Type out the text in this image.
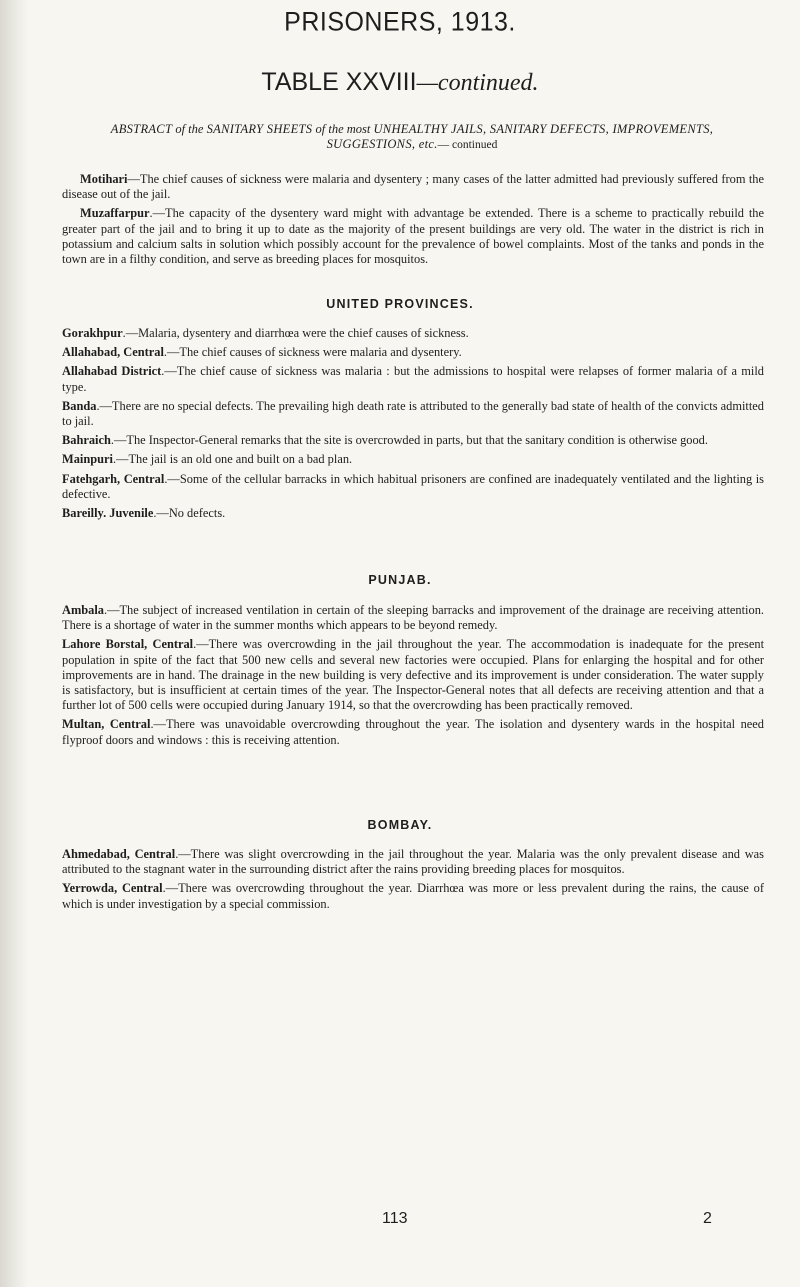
PRISONERS, 1913.
TABLE XXVIII—continued.
ABSTRACT of the SANITARY SHEETS of the most UNHEALTHY JAILS, SANITARY DEFECTS, IMPROVEMENTS,
SUGGESTIONS, etc.— continued

Motihari—The chief causes of sickness were malaria and dysentery ; many cases of the latter admitted had previously suffered from the disease out of the jail.

Muzaffarpur.—The capacity of the dysentery ward might with advantage be extended. There is a scheme to practically rebuild the greater part of the jail and to bring it up to date as the majority of the present buildings are very old. The water in the district is rich in potassium and calcium salts in solution which possibly account for the prevalence of bowel complaints. Most of the tanks and ponds in the town are in a filthy condition, and serve as breeding places for mosquitos.

UNITED PROVINCES.

Gorakhpur.—Malaria, dysentery and diarrhœa were the chief causes of sickness.

Allahabad, Central.—The chief causes of sickness were malaria and dysentery.

Allahabad District.—The chief cause of sickness was malaria : but the admissions to hospital were relapses of former malaria of a mild type.

Banda.—There are no special defects. The prevailing high death rate is attributed to the generally bad state of health of the convicts admitted to jail.

Bahraich.—The Inspector-General remarks that the site is overcrowded in parts, but that the sanitary condition is otherwise good.

Mainpuri.—The jail is an old one and built on a bad plan.

Fatehgarh, Central.—Some of the cellular barracks in which habitual prisoners are confined are inadequately ventilated and the lighting is defective.

Bareilly. Juvenile.—No defects.

PUNJAB.

Ambala.—The subject of increased ventilation in certain of the sleeping barracks and improvement of the drainage are receiving attention. There is a shortage of water in the summer months which appears to be beyond remedy.

Lahore Borstal, Central.—There was overcrowding in the jail throughout the year. The accommodation is inadequate for the present population in spite of the fact that 500 new cells and several new factories were occupied. Plans for enlarging the hospital and for other improvements are in hand. The drainage in the new building is very defective and its improvement is under consideration. The water supply is satisfactory, but is insufficient at certain times of the year. The Inspector-General notes that all defects are receiving attention and that a further lot of 500 cells were occupied during January 1914, so that the overcrowding has been practically removed.

Multan, Central.—There was unavoidable overcrowding throughout the year. The isolation and dysentery wards in the hospital need flyproof doors and windows : this is receiving attention.

BOMBAY.

Ahmedabad, Central.—There was slight overcrowding in the jail throughout the year. Malaria was the only prevalent disease and was attributed to the stagnant water in the surrounding district after the rains providing breeding places for mosquitos.

Yerrowda, Central.—There was overcrowding throughout the year. Diarrhœa was more or less prevalent during the rains, the cause of which is under investigation by a special commission.

113	2
